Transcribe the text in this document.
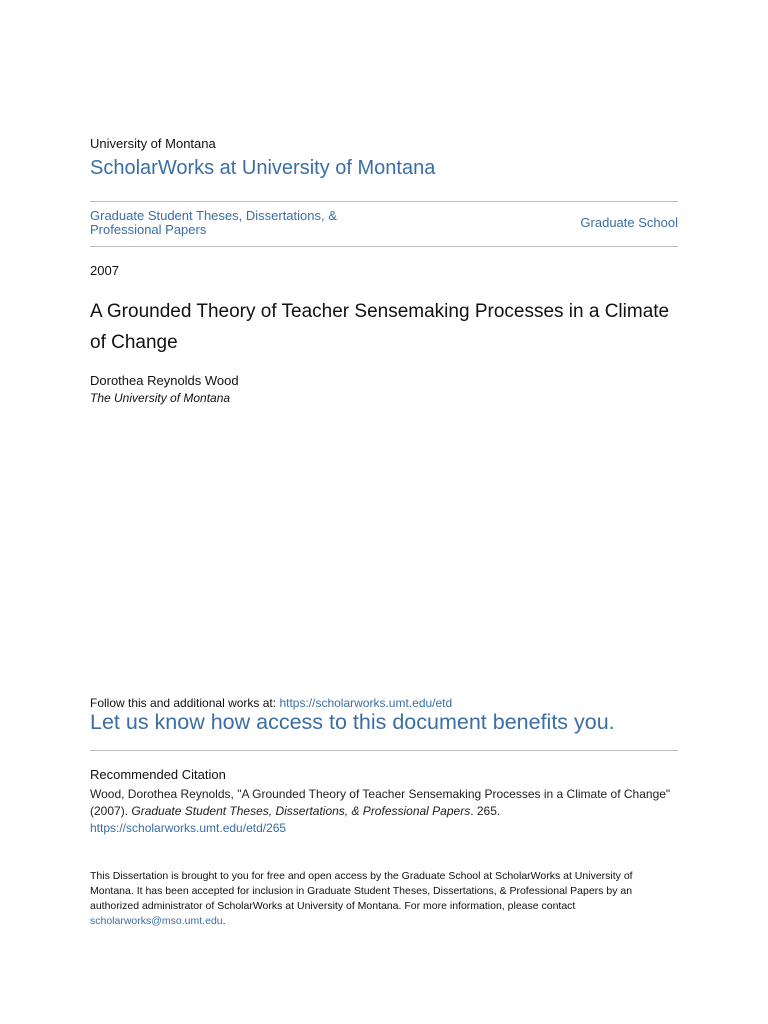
University of Montana
ScholarWorks at University of Montana
Graduate Student Theses, Dissertations, & Professional Papers	Graduate School
2007
A Grounded Theory of Teacher Sensemaking Processes in a Climate of Change
Dorothea Reynolds Wood
The University of Montana
Follow this and additional works at: https://scholarworks.umt.edu/etd
Let us know how access to this document benefits you.
Recommended Citation
Wood, Dorothea Reynolds, "A Grounded Theory of Teacher Sensemaking Processes in a Climate of Change" (2007). Graduate Student Theses, Dissertations, & Professional Papers. 265.
https://scholarworks.umt.edu/etd/265
This Dissertation is brought to you for free and open access by the Graduate School at ScholarWorks at University of Montana. It has been accepted for inclusion in Graduate Student Theses, Dissertations, & Professional Papers by an authorized administrator of ScholarWorks at University of Montana. For more information, please contact scholarworks@mso.umt.edu.
